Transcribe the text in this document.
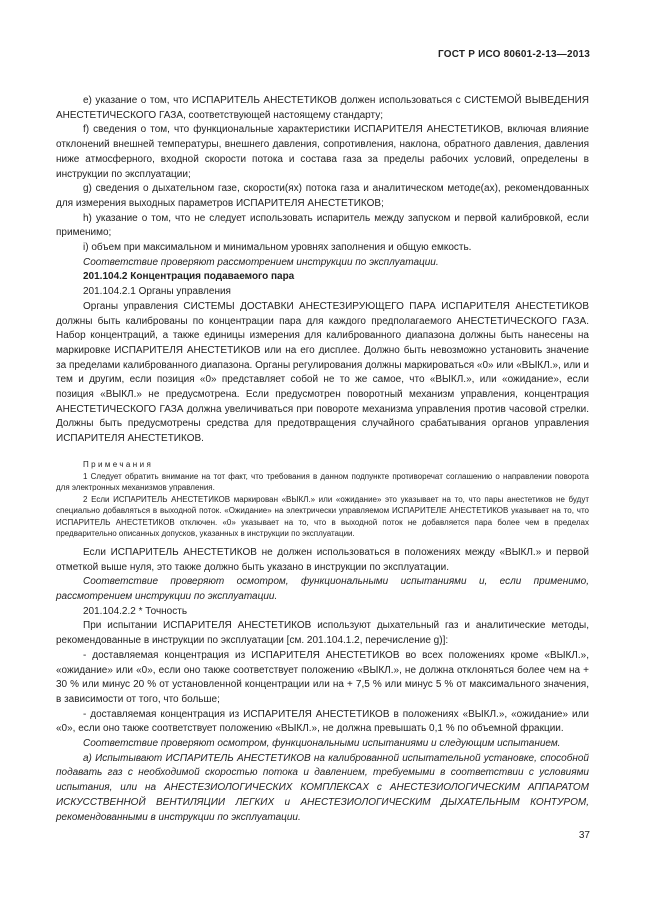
ГОСТ Р ИСО 80601-2-13—2013

e) указание о том, что ИСПАРИТЕЛЬ АНЕСТЕТИКОВ должен использоваться с СИСТЕМОЙ ВЫВЕДЕНИЯ АНЕСТЕТИЧЕСКОГО ГАЗА, соответствующей настоящему стандарту;

f) сведения о том, что функциональные характеристики ИСПАРИТЕЛЯ АНЕСТЕТИКОВ, включая влияние отклонений внешней температуры, внешнего давления, сопротивления, наклона, обратного давления, давления ниже атмосферного, входной скорости потока и состава газа за пределы рабочих условий, определены в инструкции по эксплуатации;

g) сведения о дыхательном газе, скорости(ях) потока газа и аналитическом методе(ах), рекомендованных для измерения выходных параметров ИСПАРИТЕЛЯ АНЕСТЕТИКОВ;

h) указание о том, что не следует использовать испаритель между запуском и первой калибровкой, если применимо;

i) объем при максимальном и минимальном уровнях заполнения и общую емкость.

Соответствие проверяют рассмотрением инструкции по эксплуатации.

201.104.2 Концентрация подаваемого пара

201.104.2.1 Органы управления

Органы управления СИСТЕМЫ ДОСТАВКИ АНЕСТЕЗИРУЮЩЕГО ПАРА ИСПАРИТЕЛЯ АНЕСТЕТИКОВ должны быть калиброваны по концентрации пара для каждого предполагаемого АНЕСТЕТИЧЕСКОГО ГАЗА. Набор концентраций, а также единицы измерения для калиброванного диапазона должны быть нанесены на маркировке ИСПАРИТЕЛЯ АНЕСТЕТИКОВ или на его дисплее. Должно быть невозможно установить значение за пределами калиброванного диапазона. Органы регулирования должны маркироваться «0» или «ВЫКЛ.», или и тем и другим, если позиция «0» представляет собой не то же самое, что «ВЫКЛ.», или «ожидание», если позиция «ВЫКЛ.» не предусмотрена. Если предусмотрен поворотный механизм управления, концентрация АНЕСТЕТИЧЕСКОГО ГАЗА должна увеличиваться при повороте механизма управления против часовой стрелки. Должны быть предусмотрены средства для предотвращения случайного срабатывания органов управления ИСПАРИТЕЛЯ АНЕСТЕТИКОВ.

Примечания

1 Следует обратить внимание на тот факт, что требования в данном подпункте противоречат соглашению о направлении поворота для электронных механизмов управления.

2 Если ИСПАРИТЕЛЬ АНЕСТЕТИКОВ маркирован «ВЫКЛ.» или «ожидание» это указывает на то, что пары анестетиков не будут специально добавляться в выходной поток. «Ожидание» на электрически управляемом ИСПАРИТЕЛЕ АНЕСТЕТИКОВ указывает на то, что ИСПАРИТЕЛЬ АНЕСТЕТИКОВ отключен. «0» указывает на то, что в выходной поток не добавляется пара более чем в пределах предварительно описанных допусков, указанных в инструкции по эксплуатации.

Если ИСПАРИТЕЛЬ АНЕСТЕТИКОВ не должен использоваться в положениях между «ВЫКЛ.» и первой отметкой выше нуля, это также должно быть указано в инструкции по эксплуатации.

Соответствие проверяют осмотром, функциональными испытаниями и, если применимо, рассмотрением инструкции по эксплуатации.

201.104.2.2 * Точность

При испытании ИСПАРИТЕЛЯ АНЕСТЕТИКОВ используют дыхательный газ и аналитические методы, рекомендованные в инструкции по эксплуатации [см. 201.104.1.2, перечисление g)]:

- доставляемая концентрация из ИСПАРИТЕЛЯ АНЕСТЕТИКОВ во всех положениях кроме «ВЫКЛ.», «ожидание» или «0», если оно также соответствует положению «ВЫКЛ.», не должна отклоняться более чем на + 30 % или минус 20 % от установленной концентрации или на + 7,5 % или минус 5 % от максимального значения, в зависимости от того, что больше;

- доставляемая концентрация из ИСПАРИТЕЛЯ АНЕСТЕТИКОВ в положениях «ВЫКЛ.», «ожидание» или «0», если оно также соответствует положению «ВЫКЛ.», не должна превышать 0,1 % по объемной фракции.

Соответствие проверяют осмотром, функциональными испытаниями и следующим испытанием.

а) Испытывают ИСПАРИТЕЛЬ АНЕСТЕТИКОВ на калиброванной испытательной установке, способной подавать газ с необходимой скоростью потока и давлением, требуемыми в соответствии с условиями испытания, или на АНЕСТЕЗИОЛОГИЧЕСКИХ КОМПЛЕКСАХ с АНЕСТЕЗИОЛОГИЧЕСКИМ АППАРАТОМ ИСКУССТВЕННОЙ ВЕНТИЛЯЦИИ ЛЕГКИХ и АНЕСТЕЗИОЛОГИЧЕСКИМ ДЫХАТЕЛЬНЫМ КОНТУРОМ, рекомендованными в инструкции по эксплуатации.

37
